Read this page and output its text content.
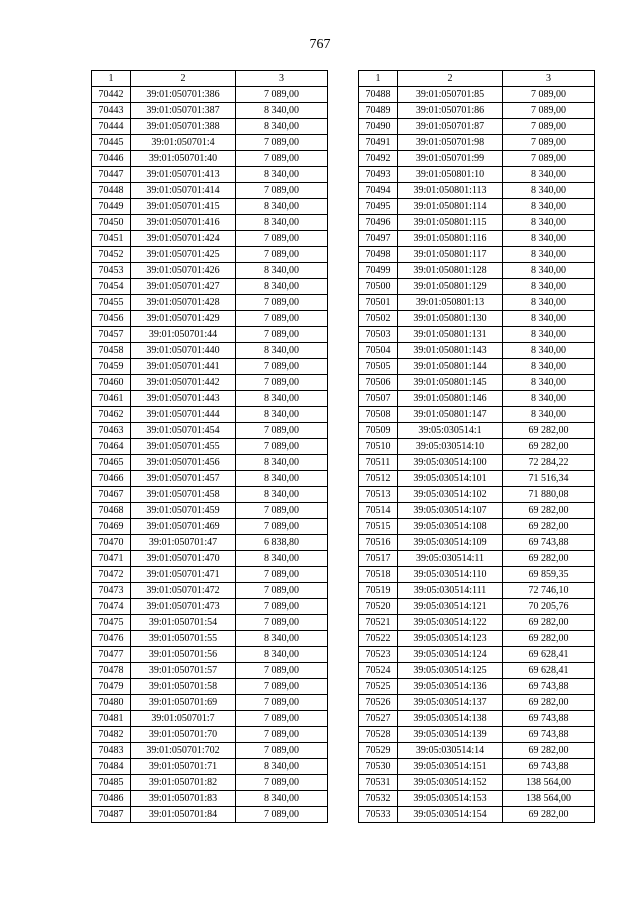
767
1	2	3
70442	39:01:050701:386	7 089,00
70443	39:01:050701:387	8 340,00
70444	39:01:050701:388	8 340,00
70445	39:01:050701:4	7 089,00
70446	39:01:050701:40	7 089,00
70447	39:01:050701:413	8 340,00
70448	39:01:050701:414	7 089,00
70449	39:01:050701:415	8 340,00
70450	39:01:050701:416	8 340,00
70451	39:01:050701:424	7 089,00
70452	39:01:050701:425	7 089,00
70453	39:01:050701:426	8 340,00
70454	39:01:050701:427	8 340,00
70455	39:01:050701:428	7 089,00
70456	39:01:050701:429	7 089,00
70457	39:01:050701:44	7 089,00
70458	39:01:050701:440	8 340,00
70459	39:01:050701:441	7 089,00
70460	39:01:050701:442	7 089,00
70461	39:01:050701:443	8 340,00
70462	39:01:050701:444	8 340,00
70463	39:01:050701:454	7 089,00
70464	39:01:050701:455	7 089,00
70465	39:01:050701:456	8 340,00
70466	39:01:050701:457	8 340,00
70467	39:01:050701:458	8 340,00
70468	39:01:050701:459	7 089,00
70469	39:01:050701:469	7 089,00
70470	39:01:050701:47	6 838,80
70471	39:01:050701:470	8 340,00
70472	39:01:050701:471	7 089,00
70473	39:01:050701:472	7 089,00
70474	39:01:050701:473	7 089,00
70475	39:01:050701:54	7 089,00
70476	39:01:050701:55	8 340,00
70477	39:01:050701:56	8 340,00
70478	39:01:050701:57	7 089,00
70479	39:01:050701:58	7 089,00
70480	39:01:050701:69	7 089,00
70481	39:01:050701:7	7 089,00
70482	39:01:050701:70	7 089,00
70483	39:01:050701:702	7 089,00
70484	39:01:050701:71	8 340,00
70485	39:01:050701:82	7 089,00
70486	39:01:050701:83	8 340,00
70487	39:01:050701:84	7 089,00
1	2	3
70488	39:01:050701:85	7 089,00
70489	39:01:050701:86	7 089,00
70490	39:01:050701:87	7 089,00
70491	39:01:050701:98	7 089,00
70492	39:01:050701:99	7 089,00
70493	39:01:050801:10	8 340,00
70494	39:01:050801:113	8 340,00
70495	39:01:050801:114	8 340,00
70496	39:01:050801:115	8 340,00
70497	39:01:050801:116	8 340,00
70498	39:01:050801:117	8 340,00
70499	39:01:050801:128	8 340,00
70500	39:01:050801:129	8 340,00
70501	39:01:050801:13	8 340,00
70502	39:01:050801:130	8 340,00
70503	39:01:050801:131	8 340,00
70504	39:01:050801:143	8 340,00
70505	39:01:050801:144	8 340,00
70506	39:01:050801:145	8 340,00
70507	39:01:050801:146	8 340,00
70508	39:01:050801:147	8 340,00
70509	39:05:030514:1	69 282,00
70510	39:05:030514:10	69 282,00
70511	39:05:030514:100	72 284,22
70512	39:05:030514:101	71 516,34
70513	39:05:030514:102	71 880,08
70514	39:05:030514:107	69 282,00
70515	39:05:030514:108	69 282,00
70516	39:05:030514:109	69 743,88
70517	39:05:030514:11	69 282,00
70518	39:05:030514:110	69 859,35
70519	39:05:030514:111	72 746,10
70520	39:05:030514:121	70 205,76
70521	39:05:030514:122	69 282,00
70522	39:05:030514:123	69 282,00
70523	39:05:030514:124	69 628,41
70524	39:05:030514:125	69 628,41
70525	39:05:030514:136	69 743,88
70526	39:05:030514:137	69 282,00
70527	39:05:030514:138	69 743,88
70528	39:05:030514:139	69 743,88
70529	39:05:030514:14	69 282,00
70530	39:05:030514:151	69 743,88
70531	39:05:030514:152	138 564,00
70532	39:05:030514:153	138 564,00
70533	39:05:030514:154	69 282,00
